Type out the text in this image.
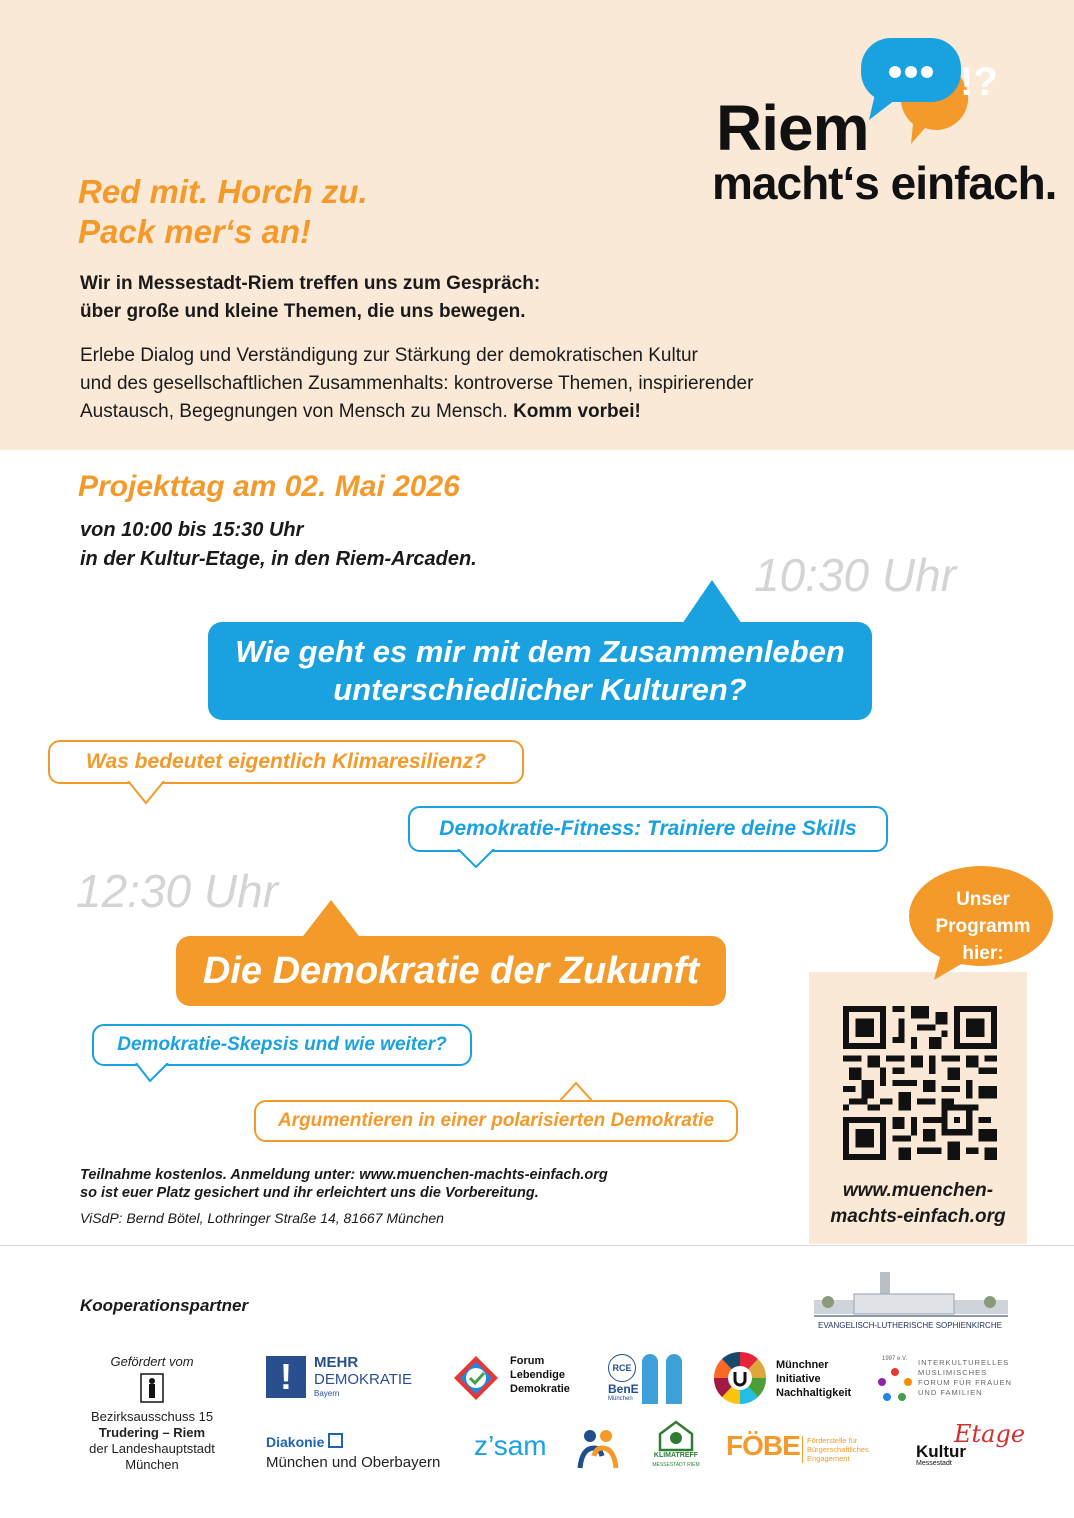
!?
Riem
macht‘s einfach.
Red mit. Horch zu.
Pack mer‘s an!
Wir in Messestadt-Riem treffen uns zum Gespräch:
über große und kleine Themen, die uns bewegen.
Erlebe Dialog und Verständigung zur Stärkung der demokratischen Kultur
und des gesellschaftlichen Zusammenhalts: kontroverse Themen, inspirierender
Austausch, Begegnungen von Mensch zu Mensch. Komm vorbei!
Projekttag am 02. Mai 2026
von 10:00 bis 15:30 Uhr
in der Kultur-Etage, in den Riem-Arcaden.	10:30 Uhr
12:30 Uhr
Wie geht es mir mit dem Zusammenleben
unterschiedlicher Kulturen?
Was bedeutet eigentlich Klimaresilienz?
Demokratie-Fitness: Trainiere deine Skills
Die Demokratie der Zukunft
Demokratie-Skepsis und wie weiter?
Argumentieren in einer polarisierten Demokratie
Teilnahme kostenlos. Anmeldung unter: www.muenchen-machts-einfach.org
so ist euer Platz gesichert und ihr erleichtert uns die Vorbereitung.
ViSdP: Bernd Bötel, Lothringer Straße 14, 81667 München
Unser
Programm
hier:
www.muenchen-
machts-einfach.org
Kooperationspartner
EVANGELISCH-LUTHERISCHE SOPHIENKIRCHE
Gefördert vom
Bezirksausschuss 15
Trudering – Riem
der Landeshauptstadt
München
!	MEHR
DEMOKRATIE
Bayern
Forum
Lebendige
Demokratie
RCE
BenE
München
Münchner
Initiative
Nachhaltigkeit
1997 e.V. INTERKULTURELLES
MUSLIMISCHES
FORUM FÜR FRAUEN
UND FAMILIEN
Diakonie
München und Oberbayern
z’sam	KLIMATREFF
MESSESTADT RIEM
FÖBE Förderstelle für
Bürgerschaftliches
Engagement
Etage
Kultur
Messestadt
